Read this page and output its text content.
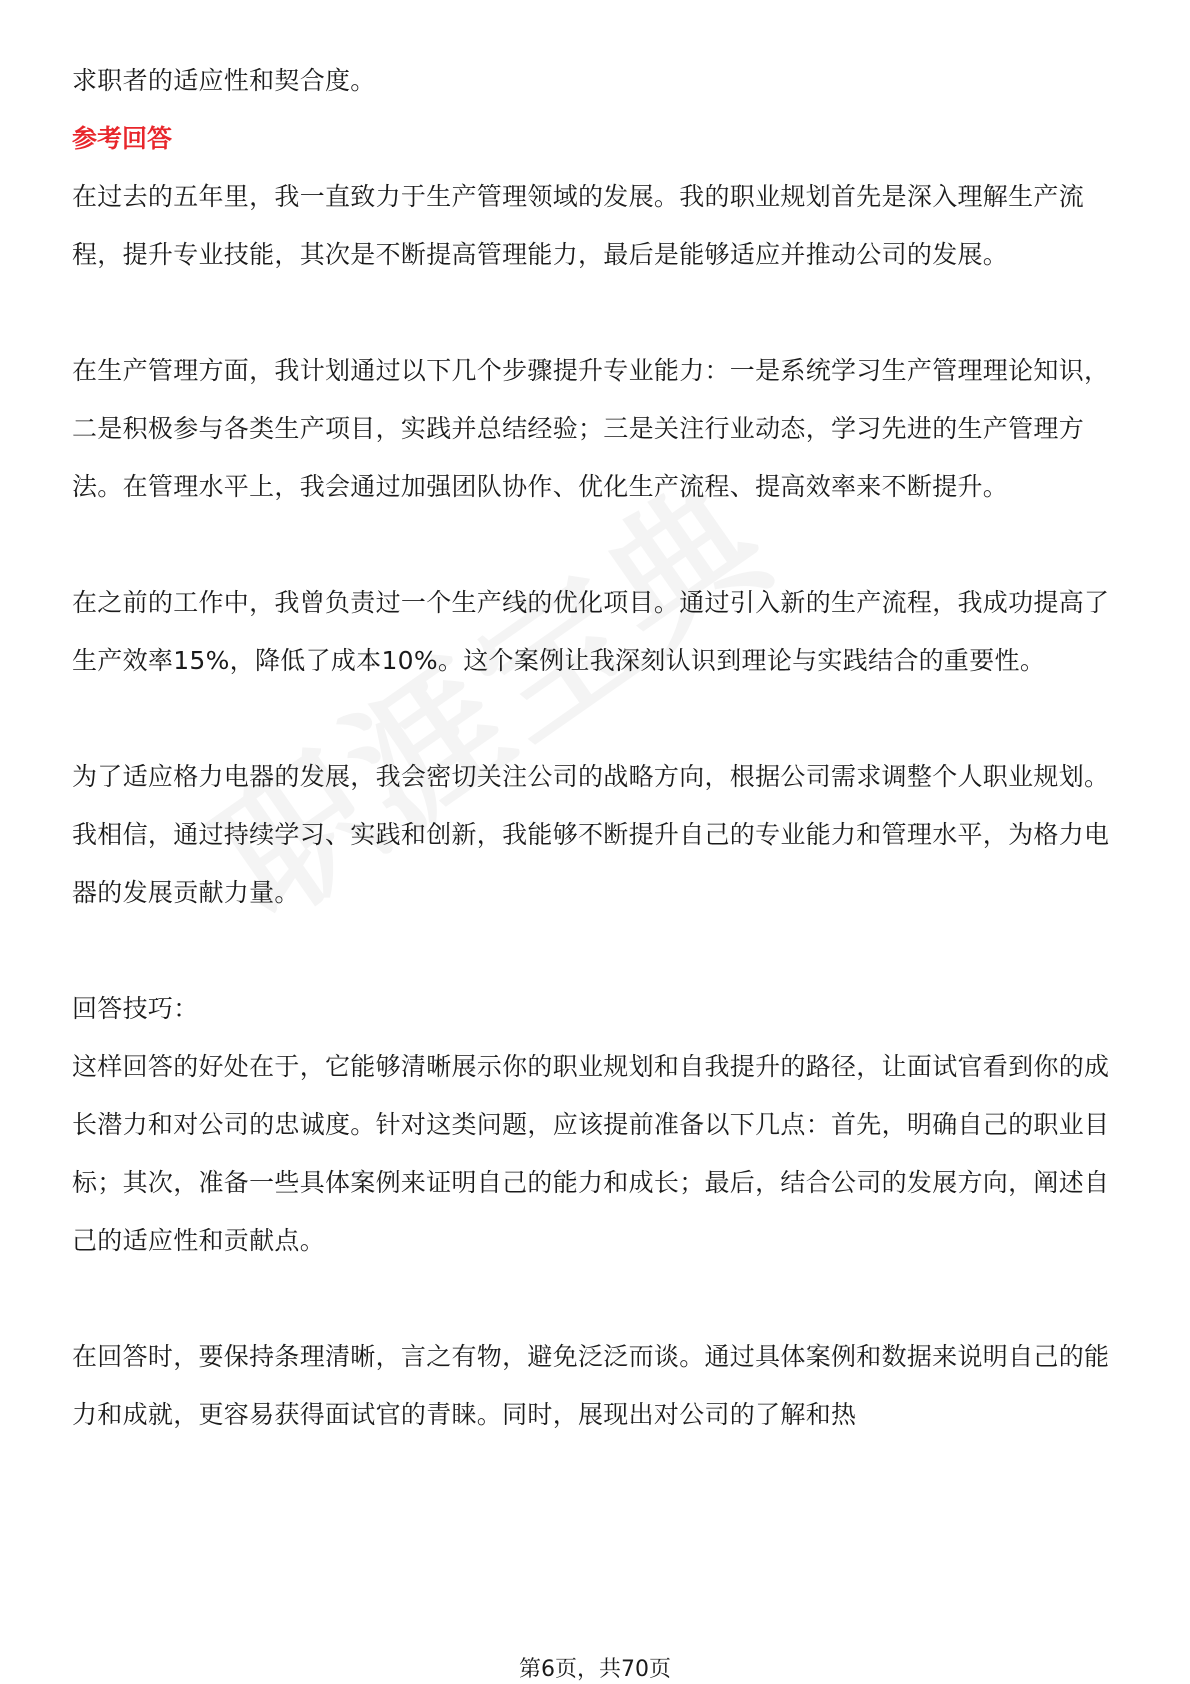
求职者的适应性和契合度。

参考回答

在过去的五年里，我一直致力于生产管理领域的发展。我的职业规划首先是深入理解生产流程，提升专业技能，其次是不断提高管理能力，最后是能够适应并推动公司的发展。

在生产管理方面，我计划通过以下几个步骤提升专业能力：一是系统学习生产管理理论知识，二是积极参与各类生产项目，实践并总结经验；三是关注行业动态，学习先进的生产管理方法。在管理水平上，我会通过加强团队协作、优化生产流程、提高效率来不断提升。

在之前的工作中，我曾负责过一个生产线的优化项目。通过引入新的生产流程，我成功提高了生产效率15%，降低了成本10%。这个案例让我深刻认识到理论与实践结合的重要性。

为了适应格力电器的发展，我会密切关注公司的战略方向，根据公司需求调整个人职业规划。我相信，通过持续学习、实践和创新，我能够不断提升自己的专业能力和管理水平，为格力电器的发展贡献力量。

回答技巧：

这样回答的好处在于，它能够清晰展示你的职业规划和自我提升的路径，让面试官看到你的成长潜力和对公司的忠诚度。针对这类问题，应该提前准备以下几点：首先，明确自己的职业目标；其次，准备一些具体案例来证明自己的能力和成长；最后，结合公司的发展方向，阐述自己的适应性和贡献点。

在回答时，要保持条理清晰，言之有物，避免泛泛而谈。通过具体案例和数据来说明自己的能力和成就，更容易获得面试官的青睐。同时，展现出对公司的了解和热

第6页，共70页
